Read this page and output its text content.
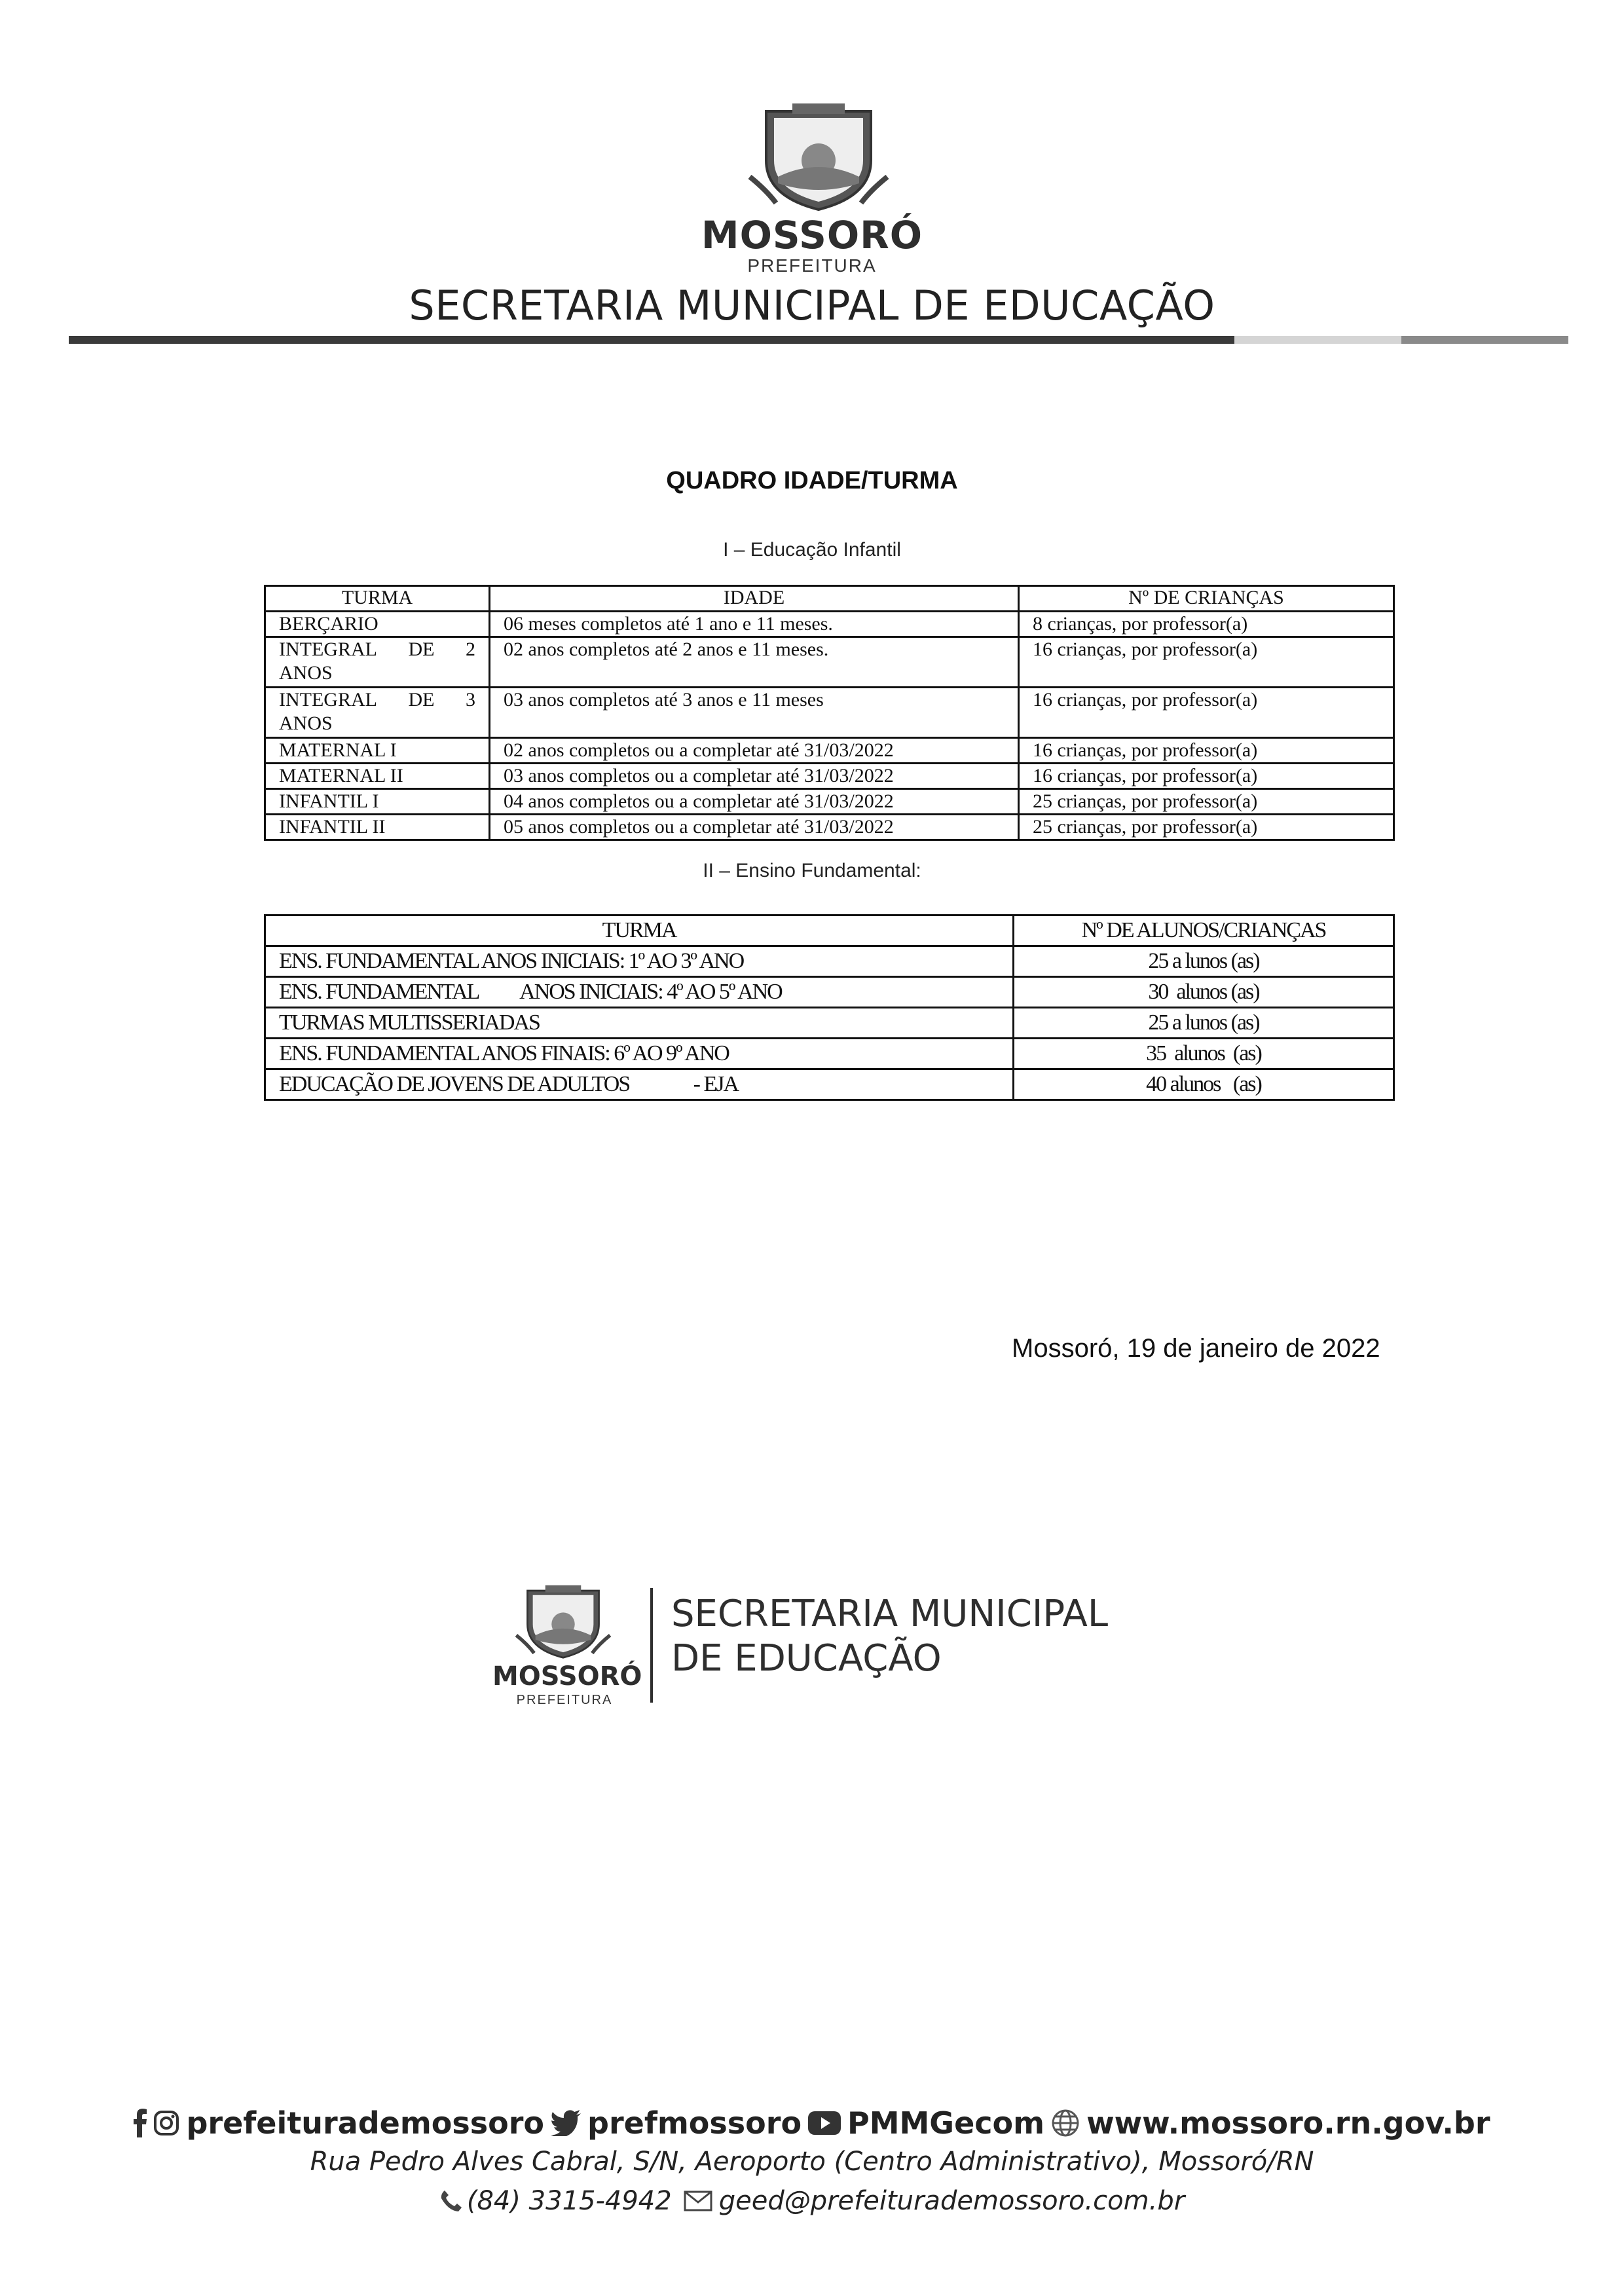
MOSSORÓ
PREFEITURA
SECRETARIA MUNICIPAL DE EDUCAÇÃO
QUADRO IDADE/TURMA
I – Educação Infantil
TURMA	IDADE	Nº DE CRIANÇAS
BERÇARIO	06 meses completos até 1 ano e 11 meses.	8 crianças, por professor(a)

INTEGRAL DE 2
ANOS	02 anos completos até 2 anos e 11 meses.	16 crianças, por professor(a)

INTEGRAL DE 3
ANOS	03 anos completos até 3 anos e 11 meses	16 crianças, por professor(a)
MATERNAL I	02 anos completos ou a completar até 31/03/2022	16 crianças, por professor(a)
MATERNAL II	03 anos completos ou a completar até 31/03/2022	16 crianças, por professor(a)
INFANTIL I	04 anos completos ou a completar até 31/03/2022	25 crianças, por professor(a)
INFANTIL II	05 anos completos ou a completar até 31/03/2022	25 crianças, por professor(a)
II – Ensino Fundamental:
TURMA	Nº DE ALUNOS/CRIANÇAS
ENS. FUNDAMENTAL ANOS INICIAIS: 1º AO 3º ANO	25 a lunos (as)
ENS. FUNDAMENTAL          ANOS INICIAIS: 4º AO 5º ANO	30  alunos (as)
TURMAS MULTISSERIADAS	25 a lunos (as)
ENS. FUNDAMENTAL ANOS FINAIS: 6º AO 9º ANO	35  alunos  (as)
EDUCAÇÃO DE JOVENS DE ADULTOS               - EJA	40 alunos   (as)
Mossoró, 19 de janeiro de 2022
MOSSORÓ
PREFEITURA
SECRETARIA MUNICIPAL
DE EDUCAÇÃO
prefeiturademossoro prefmossoro PMMGecom www.mossoro.rn.gov.br
Rua Pedro Alves Cabral, S/N, Aeroporto (Centro Administrativo), Mossoró/RN
(84) 3315-4942 geed@prefeiturademossoro.com.br
